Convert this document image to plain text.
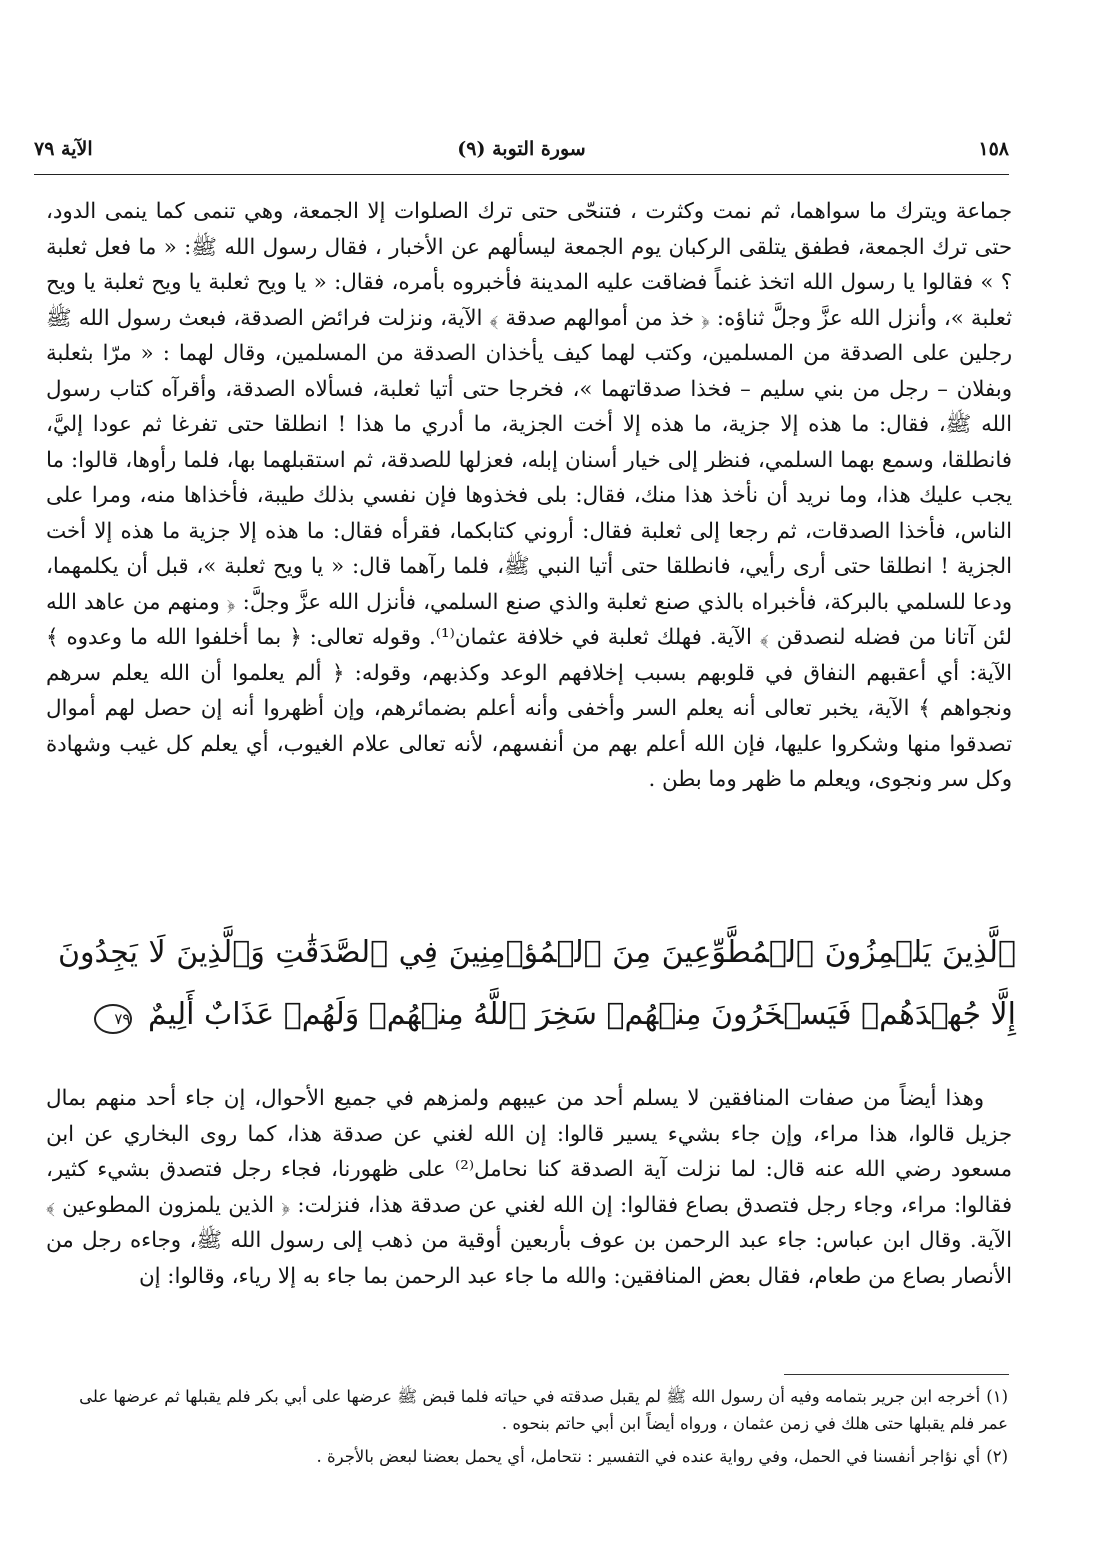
الآية ٧٩	(٩) سورة التوبة	١٥٨

جماعة ويترك ما سواهما، ثم نمت وكثرت ، فتنحّى حتى ترك الصلوات إلا الجمعة، وهي تنمى كما ينمى الدود، حتى ترك الجمعة، فطفق يتلقى الركبان يوم الجمعة ليسألهم عن الأخبار ، فقال رسول الله ﷺ: « ما فعل ثعلبة ؟ » فقالوا يا رسول الله اتخذ غنماً فضاقت عليه المدينة فأخبروه بأمره، فقال: « يا ويح ثعلبة يا ويح ثعلبة يا ويح ثعلبة »، وأنزل الله عزَّ وجلَّ ثناؤه: ﴿ خذ من أموالهم صدقة ﴾ الآية، ونزلت فرائض الصدقة، فبعث رسول الله ﷺ رجلين على الصدقة من المسلمين، وكتب لهما كيف يأخذان الصدقة من المسلمين، وقال لهما : « مرّا بثعلبة وبفلان – رجل من بني سليم – فخذا صدقاتهما »، فخرجا حتى أتيا ثعلبة، فسألاه الصدقة، وأقرآه كتاب رسول الله ﷺ، فقال: ما هذه إلا جزية، ما هذه إلا أخت الجزية، ما أدري ما هذا ! انطلقا حتى تفرغا ثم عودا إليَّ، فانطلقا، وسمع بهما السلمي، فنظر إلى خيار أسنان إبله، فعزلها للصدقة، ثم استقبلهما بها، فلما رأوها، قالوا: ما يجب عليك هذا، وما نريد أن نأخذ هذا منك، فقال: بلى فخذوها فإن نفسي بذلك طيبة، فأخذاها منه، ومرا على الناس، فأخذا الصدقات، ثم رجعا إلى ثعلبة فقال: أروني كتابكما، فقرأه فقال: ما هذه إلا جزية ما هذه إلا أخت الجزية ! انطلقا حتى أرى رأيي، فانطلقا حتى أتيا النبي ﷺ، فلما رآهما قال: « يا ويح ثعلبة »، قبل أن يكلمهما، ودعا للسلمي بالبركة، فأخبراه بالذي صنع ثعلبة والذي صنع السلمي، فأنزل الله عزَّ وجلَّ: ﴿ ومنهم من عاهد الله لئن آتانا من فضله لنصدقن ﴾ الآية. فهلك ثعلبة في خلافة عثمان⁽¹⁾. وقوله تعالى: ﴿ بما أخلفوا الله ما وعدوه ﴾ الآية: أي أعقبهم النفاق في قلوبهم بسبب إخلافهم الوعد وكذبهم، وقوله: ﴿ ألم يعلموا أن الله يعلم سرهم ونجواهم ﴾ الآية، يخبر تعالى أنه يعلم السر وأخفى وأنه أعلم بضمائرهم، وإن أظهروا أنه إن حصل لهم أموال تصدقوا منها وشكروا عليها، فإن الله أعلم بهم من أنفسهم، لأنه تعالى علام الغيوب، أي يعلم كل غيب وشهادة وكل سر ونجوى، ويعلم ما ظهر وما بطن .

ٱلَّذِينَ يَلۡمِزُونَ ٱلۡمُطَّوِّعِينَ مِنَ ٱلۡمُؤۡمِنِينَ فِي ٱلصَّدَقَٰتِ وَٱلَّذِينَ لَا يَجِدُونَ إِلَّا جُهۡدَهُمۡ فَيَسۡخَرُونَ مِنۡهُمۡ سَخِرَ ٱللَّهُ مِنۡهُمۡ وَلَهُمۡ عَذَابٌ أَلِيمٌ ٧٩

وهذا أيضاً من صفات المنافقين لا يسلم أحد من عيبهم ولمزهم في جميع الأحوال، إن جاء أحد منهم بمال جزيل قالوا، هذا مراء، وإن جاء بشيء يسير قالوا: إن الله لغني عن صدقة هذا، كما روى البخاري عن ابن مسعود رضي الله عنه قال: لما نزلت آية الصدقة كنا نحامل⁽²⁾ على ظهورنا، فجاء رجل فتصدق بشيء كثير، فقالوا: مراء، وجاء رجل فتصدق بصاع فقالوا: إن الله لغني عن صدقة هذا، فنزلت: ﴿ الذين يلمزون المطوعين ﴾ الآية. وقال ابن عباس: جاء عبد الرحمن بن عوف بأربعين أوقية من ذهب إلى رسول الله ﷺ، وجاءه رجل من الأنصار بصاع من طعام، فقال بعض المنافقين: والله ما جاء عبد الرحمن بما جاء به إلا رياء، وقالوا: إن

(١)أخرجه ابن جرير بتمامه وفيه أن رسول الله ﷺ لم يقبل صدقته في حياته فلما قبض ﷺ عرضها على أبي بكر فلم يقبلها ثم عرضها على عمر فلم يقبلها حتى هلك في زمن عثمان ، ورواه أيضاً ابن أبي حاتم بنحوه .
(٢)أي نؤاجر أنفسنا في الحمل، وفي رواية عنده في التفسير : نتحامل، أي يحمل بعضنا لبعض بالأجرة .
